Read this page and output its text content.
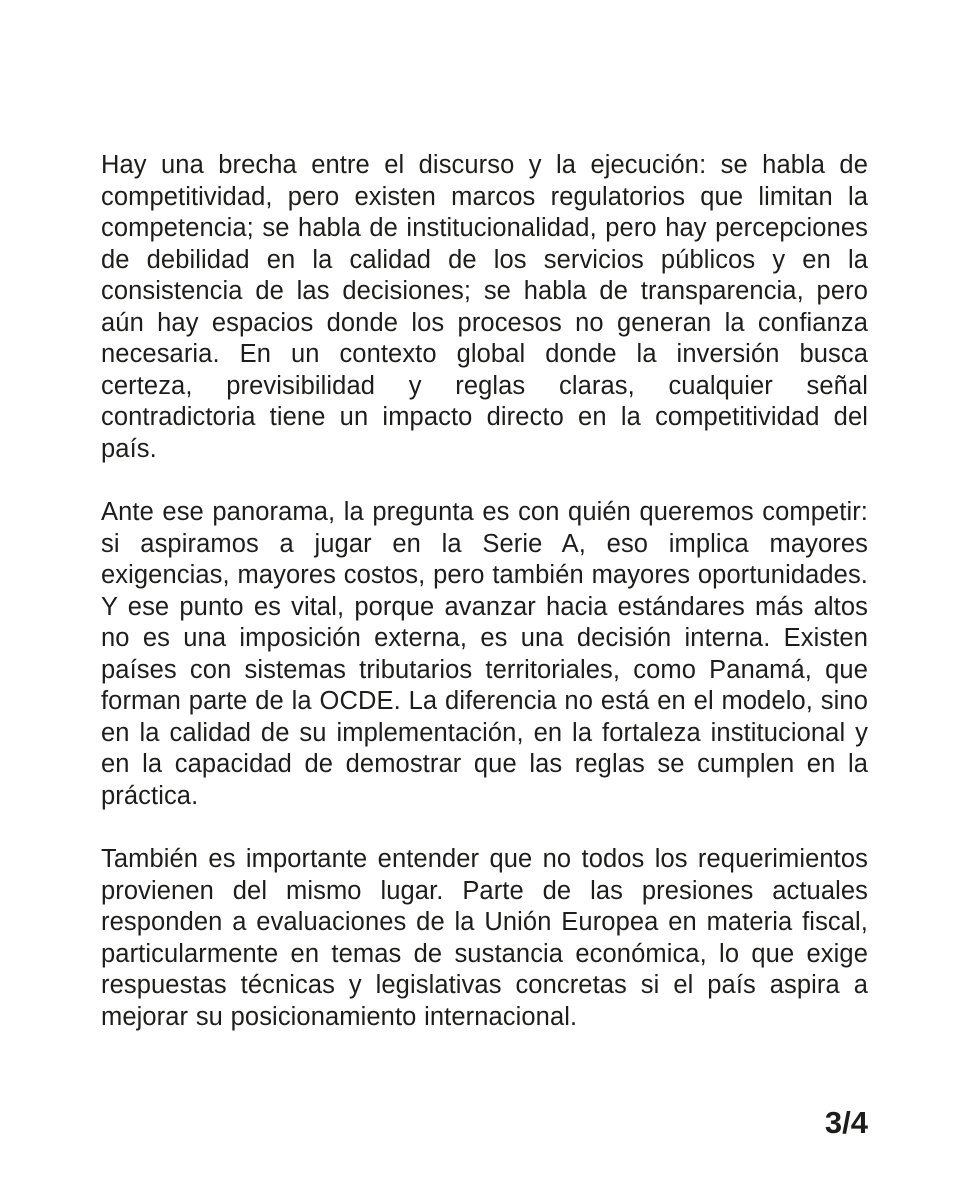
Hay una brecha entre el discurso y la ejecución: se habla de competitividad, pero existen marcos regulatorios que limitan la competencia; se habla de institucionalidad, pero hay percepciones de debilidad en la calidad de los servicios públicos y en la consistencia de las decisiones; se habla de transparencia, pero aún hay espacios donde los procesos no generan la confianza necesaria. En un contexto global donde la inversión busca certeza, previsibilidad y reglas claras, cualquier señal contradictoria tiene un impacto directo en la competitividad del país.

Ante ese panorama, la pregunta es con quién queremos competir: si aspiramos a jugar en la Serie A, eso implica mayores exigencias, mayores costos, pero también mayores oportunidades. Y ese punto es vital, porque avanzar hacia estándares más altos no es una imposición externa, es una decisión interna. Existen países con sistemas tributarios territoriales, como Panamá, que forman parte de la OCDE. La diferencia no está en el modelo, sino en la calidad de su implementación, en la fortaleza institucional y en la capacidad de demostrar que las reglas se cumplen en la práctica.

También es importante entender que no todos los requerimientos provienen del mismo lugar. Parte de las presiones actuales responden a evaluaciones de la Unión Europea en materia fiscal, particularmente en temas de sustancia económica, lo que exige respuestas técnicas y legislativas concretas si el país aspira a mejorar su posicionamiento internacional.

3/4
